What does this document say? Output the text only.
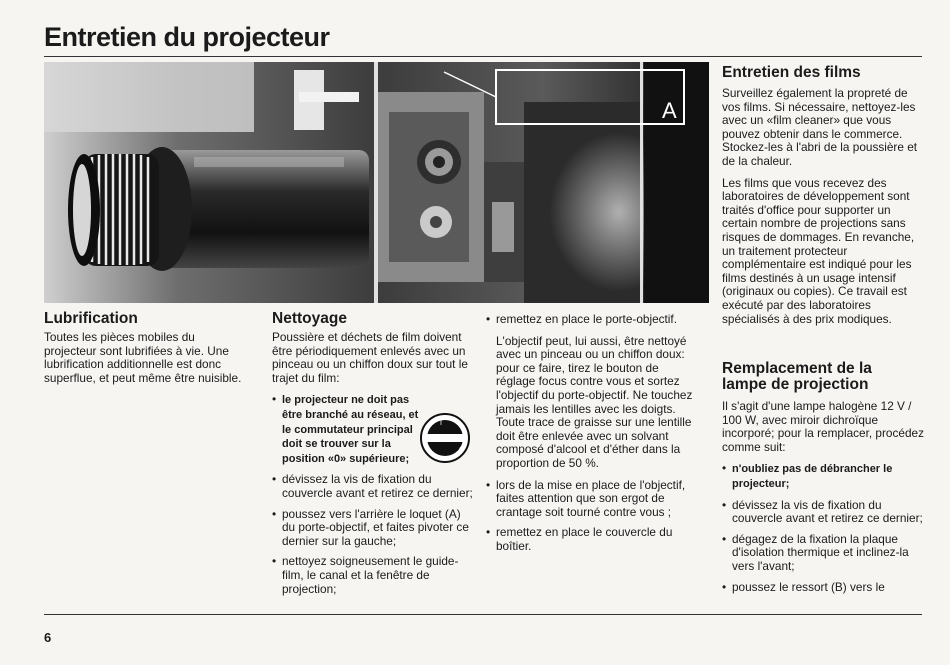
Entretien du projecteur
A
Lubrification

Toutes les pièces mobiles du projecteur sont lubrifiées à vie. Une lubrification additionnelle est donc superflue, et peut même être nuisible.

Nettoyage

Poussière et déchets de film doivent être périodiquement enlevés avec un pinceau ou un chiffon doux sur tout le trajet du film:

• le projecteur ne doit pas être branché au réseau, et le commutateur principal doit se trouver sur la position «0» supérieure;
• dévissez la vis de fixation du couvercle avant et retirez ce dernier;
• poussez vers l'arrière le loquet (A) du porte-objectif, et faites pivoter ce dernier sur la gauche;
• nettoyez soigneusement le guide-film, le canal et la fenêtre de projection;
I
0
• remettez en place le porte-objectif.

L'objectif peut, lui aussi, être nettoyé avec un pinceau ou un chiffon doux: pour ce faire, tirez le bouton de réglage focus contre vous et sortez l'objectif du porte-objectif. Ne touchez jamais les lentilles avec les doigts. Toute trace de graisse sur une lentille doit être enlevée avec un solvant composé d'alcool et d'éther dans la proportion de 50 %.

• lors de la mise en place de l'objectif, faites attention que son ergot de crantage soit tourné contre vous ;
• remettez en place le couvercle du boîtier.
Entretien des films

Surveillez également la propreté de vos films. Si nécessaire, nettoyez-les avec un «film cleaner» que vous pouvez obtenir dans le commerce. Stockez-les à l'abri de la poussière et de la chaleur.

Les films que vous recevez des laboratoires de développement sont traités d'office pour supporter un certain nombre de projections sans risques de dommages. En revanche, un traitement protecteur complémentaire est indiqué pour les films destinés à un usage intensif (originaux ou copies). Ce travail est exécuté par des laboratoires spécialisés à des prix modiques.

Remplacement de la
lampe de projection

Il s'agit d'une lampe halogène 12 V / 100 W, avec miroir dichroïque incorporé; pour la remplacer, procédez comme suit:

• n'oubliez pas de débrancher le projecteur;
• dévissez la vis de fixation du couvercle avant et retirez ce dernier;
• dégagez de la fixation la plaque d'isolation thermique et inclinez-la vers l'avant;
• poussez le ressort (B) vers le
6
